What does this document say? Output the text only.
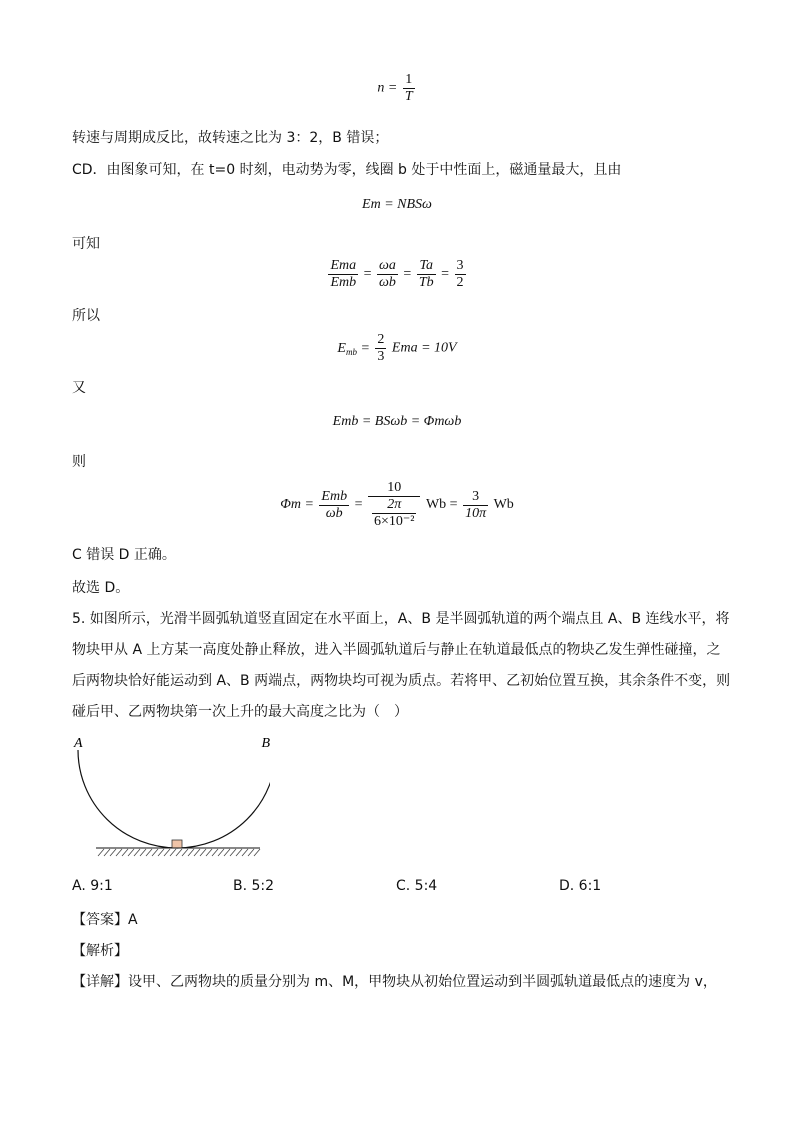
$n = \frac{1}{T}$
转速与周期成反比，故转速之比为 3：2，B 错误；
CD．由图象可知，在 t=0 时刻，电动势为零，线圈 b 处于中性面上，磁通量最大，且由
Em = NBSω
可知
$\frac{\text{Ema}}{\text{Emb}} = \frac{\omega a}{\omega b} = \frac{Ta}{Tb} = \frac{3}{2}$
所以
$E_{mb} = \frac{2}{3}$ Ema = 10V
又
Emb = BSωb = Φmωb
则
$\Phi m = \frac{\text{Emb}}{\omega b} = \frac{10}{\frac{2\pi}{\text{6×10⁻²}}}$ $Wb = \frac{3}{10\pi}$ Wb
C 错误 D 正确。
故选 D。
5. 如图所示，光滑半圆弧轨道竖直固定在水平面上，A、B 是半圆弧轨道的两个端点且 A、B 连线水平，将
物块甲从 A 上方某一高度处静止释放，进入半圆弧轨道后与静止在轨道最低点的物块乙发生弹性碰撞，之
后两物块恰好能运动到 A、B 两端点，两物块均可视为质点。若将甲、乙初始位置互换，其余条件不变，则
碰后甲、乙两物块第一次上升的最大高度之比为（　）
A	B
A. 9:1	B. 5:2	C. 5:4	D. 6:1
【答案】A
【解析】
【详解】设甲、乙两物块的质量分别为 m、M，甲物块从初始位置运动到半圆弧轨道最低点的速度为 v，
